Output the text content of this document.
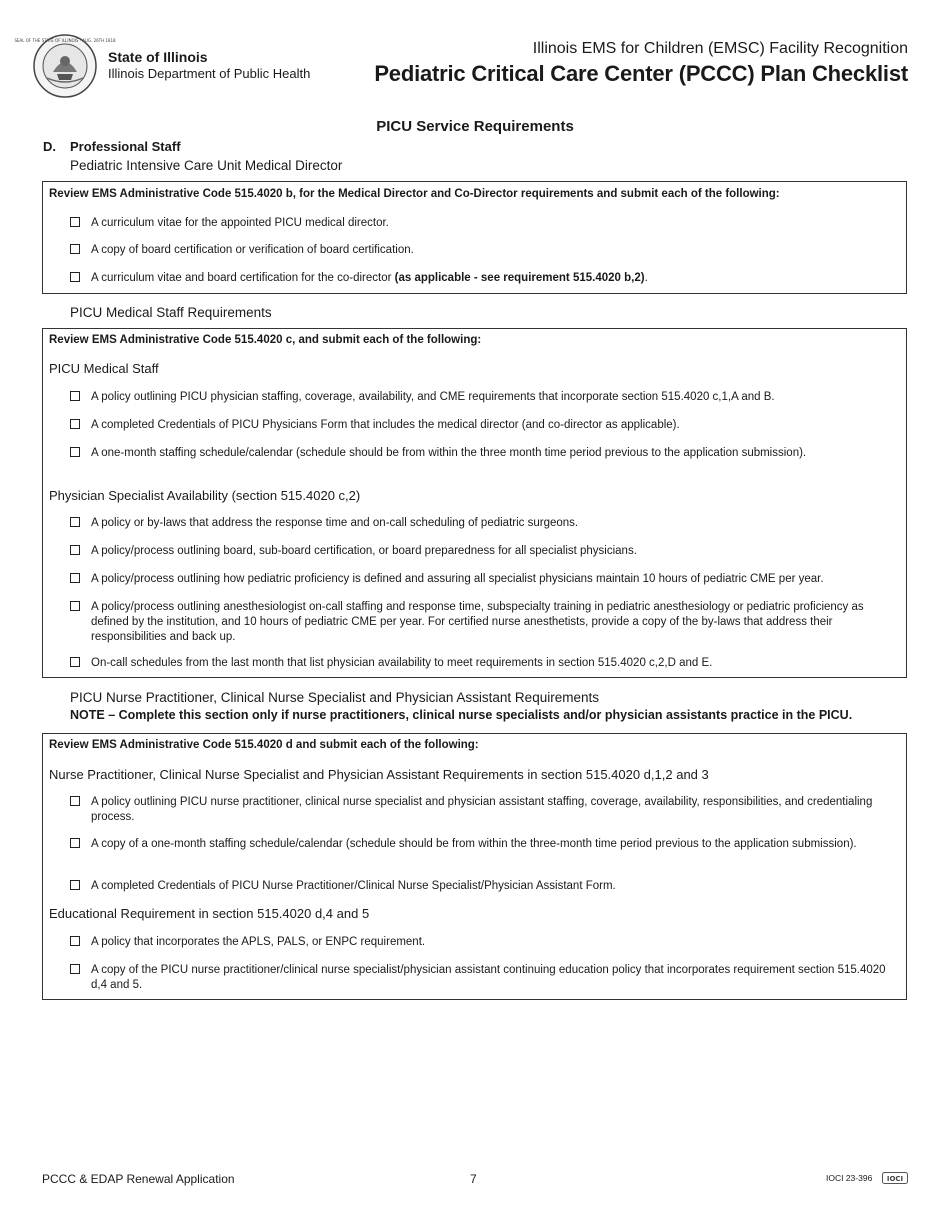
SEAL OF THE STATE OF ILLINOIS · AUG. 26TH 1818
State of Illinois
Illinois Department of Public Health
Illinois EMS for Children (EMSC) Facility Recognition
Pediatric Critical Care Center (PCCC) Plan Checklist
PICU Service Requirements
D. Professional Staff
Pediatric Intensive Care Unit Medical Director
Review EMS Administrative Code 515.4020 b, for the Medical Director and Co-Director requirements and submit each of the following:
A curriculum vitae for the appointed PICU medical director.
A copy of board certification or verification of board certification.
A curriculum vitae and board certification for the co-director (as applicable - see requirement 515.4020 b,2).
PICU Medical Staff Requirements
Review EMS Administrative Code 515.4020 c, and submit each of the following:
PICU Medical Staff
A policy outlining PICU physician staffing, coverage, availability, and CME requirements that incorporate section 515.4020 c,1,A and B.
A completed Credentials of PICU Physicians Form that includes the medical director (and co-director as applicable).
A one-month staffing schedule/calendar (schedule should be from within the three month time period previous to the application submission).
Physician Specialist Availability (section 515.4020 c,2)
A policy or by-laws that address the response time and on-call scheduling of pediatric surgeons.
A policy/process outlining board, sub-board certification, or board preparedness for all specialist physicians.
A policy/process outlining how pediatric proficiency is defined and assuring all specialist physicians maintain 10 hours of pediatric CME per year.
A policy/process outlining anesthesiologist on-call staffing and response time, subspecialty training in pediatric anesthesiology or pediatric proficiency as defined by the institution, and 10 hours of pediatric CME per year. For certified nurse anesthetists, provide a copy of the by-laws that address their responsibilities and back up.
On-call schedules from the last month that list physician availability to meet requirements in section 515.4020 c,2,D and E.
PICU Nurse Practitioner, Clinical Nurse Specialist and Physician Assistant Requirements
NOTE – Complete this section only if nurse practitioners, clinical nurse specialists and/or physician assistants practice in the PICU.
Review EMS Administrative Code 515.4020 d and submit each of the following:
Nurse Practitioner, Clinical Nurse Specialist and Physician Assistant Requirements in section 515.4020 d,1,2 and 3
A policy outlining PICU nurse practitioner, clinical nurse specialist and physician assistant staffing, coverage, availability, responsibilities, and credentialing process.
A copy of a one-month staffing schedule/calendar (schedule should be from within the three-month time period previous to the application submission).
A completed Credentials of PICU Nurse Practitioner/Clinical Nurse Specialist/Physician Assistant Form.
Educational Requirement in section 515.4020 d,4 and 5
A policy that incorporates the APLS, PALS, or ENPC requirement.
A copy of the PICU nurse practitioner/clinical nurse specialist/physician assistant continuing education policy that incorporates requirement section 515.4020 d,4 and 5.
PCCC & EDAP Renewal Application	7	IOCI 23-396 IOCI
